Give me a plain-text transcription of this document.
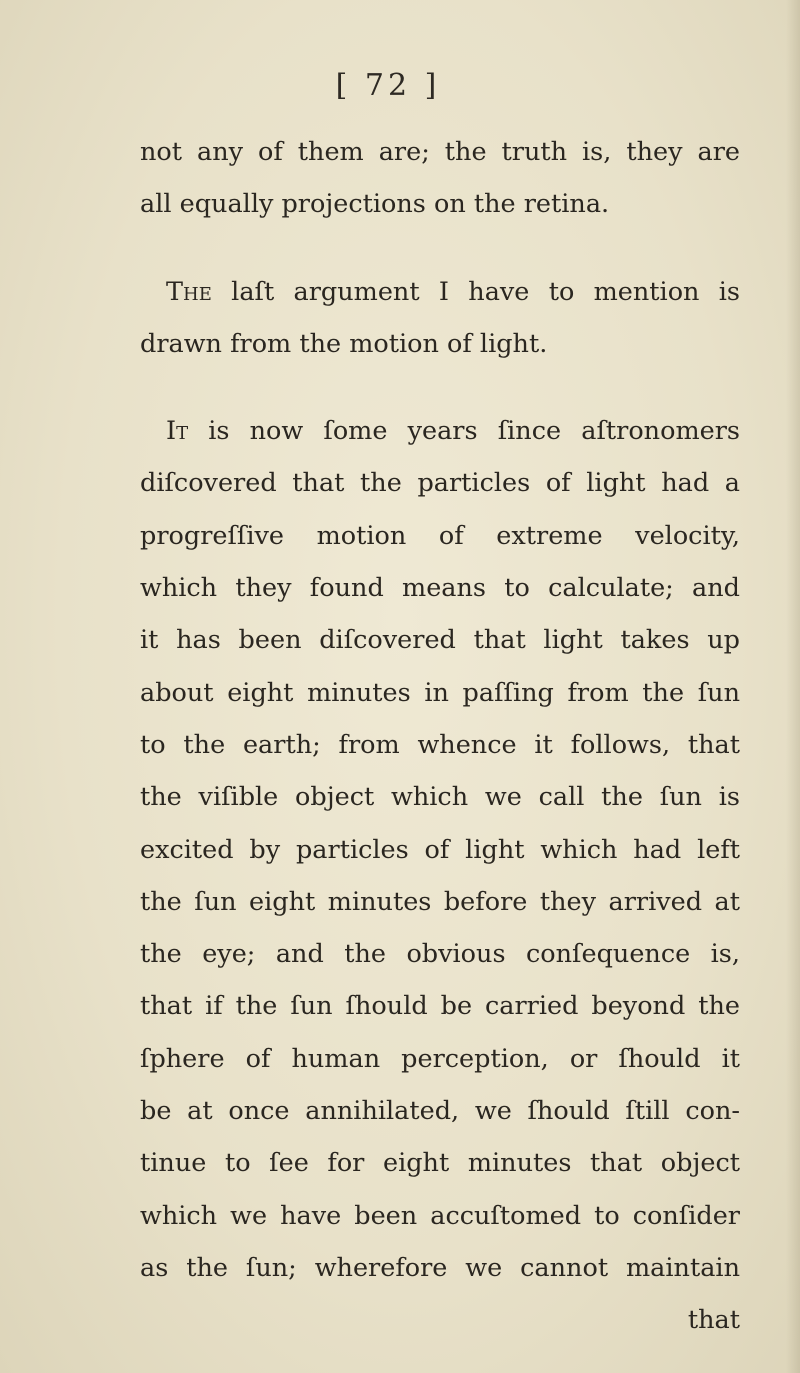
[ 72 ]
not any of them are; the truth is, they are
all equally projections on the retina.
The laſt argument I have to mention is
drawn from the motion of light.
It is now ſome years ſince aſtronomers
diſcovered that the particles of light had a
progreſſive motion of extreme velocity,
which they found means to calculate; and
it has been diſcovered that light takes up
about eight minutes in paſſing from the ſun
to the earth; from whence it follows, that
the viſible object which we call the ſun is
excited by particles of light which had left
the ſun eight minutes before they arrived at
the eye; and the obvious conſequence is,
that if the ſun ſhould be carried beyond the
ſphere of human perception, or ſhould it
be at once annihilated, we ſhould ſtill con-
tinue to ſee for eight minutes that object
which we have been accuſtomed to conſider
as the ſun; wherefore we cannot maintain
that
